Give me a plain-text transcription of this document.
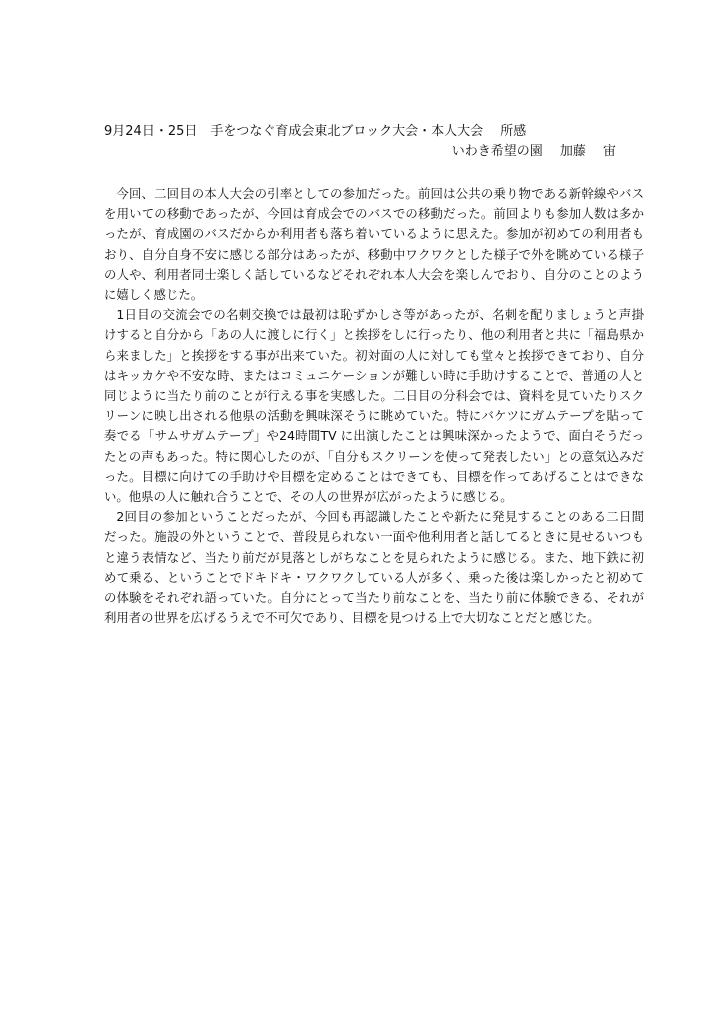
9月24日・25日　手をつなぐ育成会東北ブロック大会・本人大会　 所感
いわき希望の園　 加藤　 宙

今回、二回目の本人大会の引率としての参加だった。前回は公共の乗り物である新幹線やバスを用いての移動であったが、今回は育成会でのバスでの移動だった。前回よりも参加人数は多かったが、育成園のバスだからか利用者も落ち着いているように思えた。参加が初めての利用者もおり、自分自身不安に感じる部分はあったが、移動中ワクワクとした様子で外を眺めている様子の人や、利用者同士楽しく話しているなどそれぞれ本人大会を楽しんでおり、自分のことのように嬉しく感じた。

1日目の交流会での名刺交換では最初は恥ずかしさ等があったが、名刺を配りましょうと声掛けすると自分から「あの人に渡しに行く」と挨拶をしに行ったり、他の利用者と共に「福島県から来ました」と挨拶をする事が出来ていた。初対面の人に対しても堂々と挨拶できており、自分はキッカケや不安な時、またはコミュニケーションが難しい時に手助けすることで、普通の人と同じように当たり前のことが行える事を実感した。二日目の分科会では、資料を見ていたりスクリーンに映し出される他県の活動を興味深そうに眺めていた。特にバケツにガムテープを貼って奏でる「サムサガムテープ」や24時間TV に出演したことは興味深かったようで、面白そうだったとの声もあった。特に関心したのが、「自分もスクリーンを使って発表したい」との意気込みだった。目標に向けての手助けや目標を定めることはできても、目標を作ってあげることはできない。他県の人に触れ合うことで、その人の世界が広がったように感じる。

2回目の参加ということだったが、今回も再認識したことや新たに発見することのある二日間だった。施設の外ということで、普段見られない一面や他利用者と話してるときに見せるいつもと違う表情など、当たり前だが見落としがちなことを見られたように感じる。また、地下鉄に初めて乗る、ということでドキドキ・ワクワクしている人が多く、乗った後は楽しかったと初めての体験をそれぞれ語っていた。自分にとって当たり前なことを、当たり前に体験できる、それが利用者の世界を広げるうえで不可欠であり、目標を見つける上で大切なことだと感じた。
